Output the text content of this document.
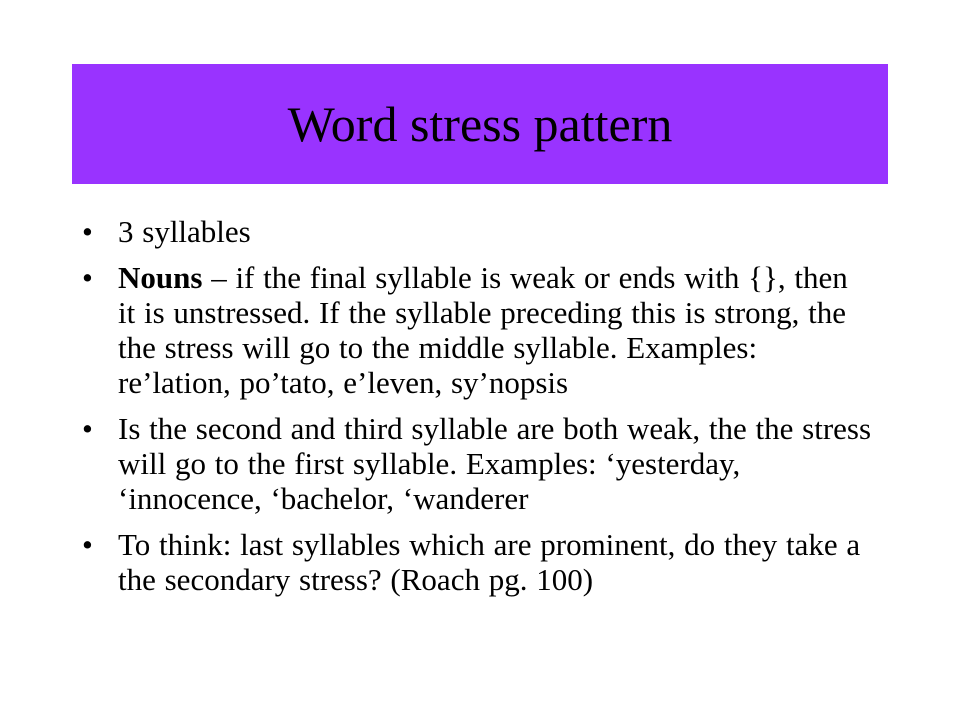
Word stress pattern
• 3 syllables
• Nouns – if the final syllable is weak or ends with {}, then it is unstressed. If the syllable preceding this is strong, the the stress will go to the middle syllable. Examples: re’lation, po’tato, e’leven, sy’nopsis
• Is the second and third syllable are both weak, the the stress will go to the first syllable. Examples: ‘yesterday, ‘innocence, ‘bachelor, ‘wanderer
• To think: last syllables which are prominent, do they take a the secondary stress? (Roach pg. 100)
